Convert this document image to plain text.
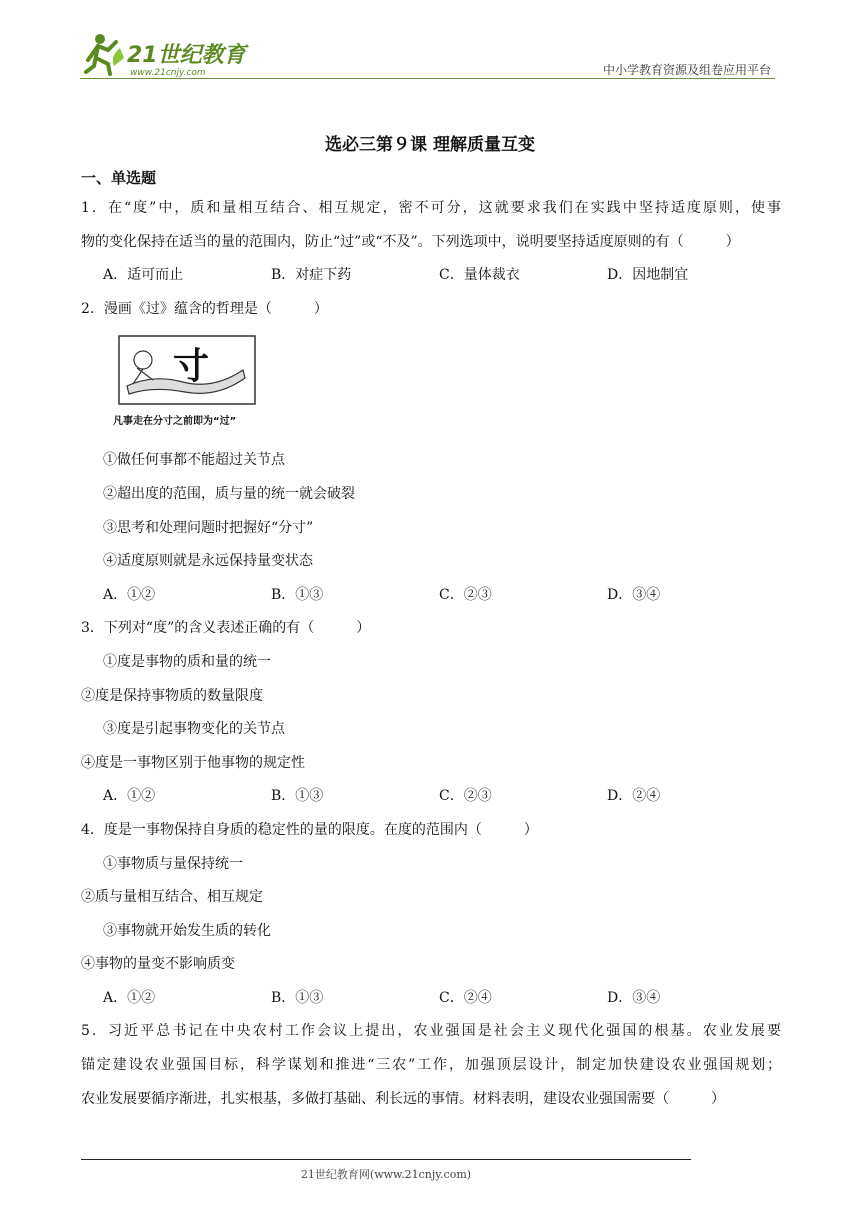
21世纪教育
www.21cnjy.com	中小学教育资源及组卷应用平台
选必三第９课 理解质量互变
一、单选题
1．在“度”中，质和量相互结合、相互规定，密不可分，这就要求我们在实践中坚持适度原则，使事
物的变化保持在适当的量的范围内，防止“过”或“不及”。下列选项中，说明要坚持适度原则的有（	）
A．适可而止	B．对症下药	C．量体裁衣	D．因地制宜
2．漫画《过》蕴含的哲理是（	）
寸
凡事走在分寸之前即为“过”
①做任何事都不能超过关节点
②超出度的范围，质与量的统一就会破裂
③思考和处理问题时把握好“分寸”
④适度原则就是永远保持量变状态
A．①②	B．①③	C．②③	D．③④
3．下列对“度”的含义表述正确的有（	）
①度是事物的质和量的统一
②度是保持事物质的数量限度
③度是引起事物变化的关节点
④度是一事物区别于他事物的规定性
A．①②	B．①③	C．②③	D．②④
4．度是一事物保持自身质的稳定性的量的限度。在度的范围内（	）
①事物质与量保持统一
②质与量相互结合、相互规定
③事物就开始发生质的转化
④事物的量变不影响质变
A．①②	B．①③	C．②④	D．③④
5．习近平总书记在中央农村工作会议上提出，农业强国是社会主义现代化强国的根基。农业发展要
锚定建设农业强国目标，科学谋划和推进“三农”工作，加强顶层设计，制定加快建设农业强国规划；
农业发展要循序渐进，扎实根基，多做打基础、利长远的事情。材料表明，建设农业强国需要（	）
21世纪教育网(www.21cnjy.com)
